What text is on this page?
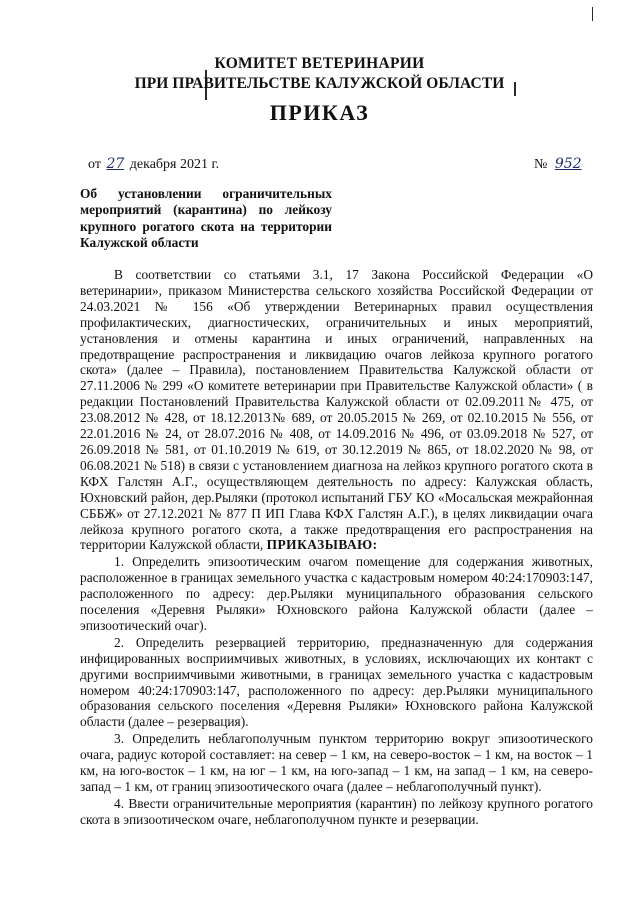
КОМИТЕТ ВЕТЕРИНАРИИ
ПРИ ПРАВИТЕЛЬСТВЕ КАЛУЖСКОЙ ОБЛАСТИ
ПРИКАЗ
от 27 декабря 2021 г.	№ 952
Об установлении ограничительных мероприятий (карантина) по лейкозу крупного рогатого скота на территории Калужской области

В соответствии со статьями 3.1, 17 Закона Российской Федерации «О ветеринарии», приказом Министерства сельского хозяйства Российской Федерации от 24.03.2021 № 156 «Об утверждении Ветеринарных правил осуществления профилактических, диагностических, ограничительных и иных мероприятий, установления и отмены карантина и иных ограничений, направленных на предотвращение распространения и ликвидацию очагов лейкоза крупного рогатого скота» (далее – Правила), постановлением Правительства Калужской области от 27.11.2006 № 299 «О комитете ветеринарии при Правительстве Калужской области» ( в редакции Постановлений Правительства Калужской области от 02.09.2011№ 475, от 23.08.2012 № 428, от 18.12.2013№ 689, от 20.05.2015 № 269, от 02.10.2015 № 556, от 22.01.2016 № 24, от 28.07.2016 № 408, от 14.09.2016 № 496, от 03.09.2018 № 527, от 26.09.2018 № 581, от 01.10.2019 № 619, от 30.12.2019 № 865, от 18.02.2020 № 98, от 06.08.2021 № 518) в связи с установлением диагноза на лейкоз крупного рогатого скота в КФХ Галстян А.Г., осуществляющем деятельность по адресу: Калужская область, Юхновский район, дер.Рыляки (протокол испытаний ГБУ КО «Мосальская межрайонная СББЖ» от 27.12.2021 № 877 П ИП Глава КФХ Галстян А.Г.), в целях ликвидации очага лейкоза крупного рогатого скота, а также предотвращения его распространения на территории Калужской области, ПРИКАЗЫВАЮ:

1. Определить эпизоотическим очагом помещение для содержания животных, расположенное в границах земельного участка с кадастровым номером 40:24:170903:147, расположенного по адресу: дер.Рыляки муниципального образования сельского поселения «Деревня Рыляки» Юхновского района Калужской области (далее – эпизоотический очаг).

2. Определить резервацией территорию, предназначенную для содержания инфицированных восприимчивых животных, в условиях, исключающих их контакт с другими восприимчивыми животными, в границах земельного участка с кадастровым номером 40:24:170903:147, расположенного по адресу: дер.Рыляки муниципального образования сельского поселения «Деревня Рыляки» Юхновского района Калужской области (далее – резервация).

3. Определить неблагополучным пунктом территорию вокруг эпизоотического очага, радиус которой составляет: на север – 1 км, на северо-восток – 1 км, на восток – 1 км, на юго-восток – 1 км, на юг – 1 км, на юго-запад – 1 км, на запад – 1 км, на северо-запад – 1 км, от границ эпизоотического очага (далее – неблагополучный пункт).

4. Ввести ограничительные мероприятия (карантин) по лейкозу крупного рогатого скота в эпизоотическом очаге, неблагополучном пункте и резервации.
